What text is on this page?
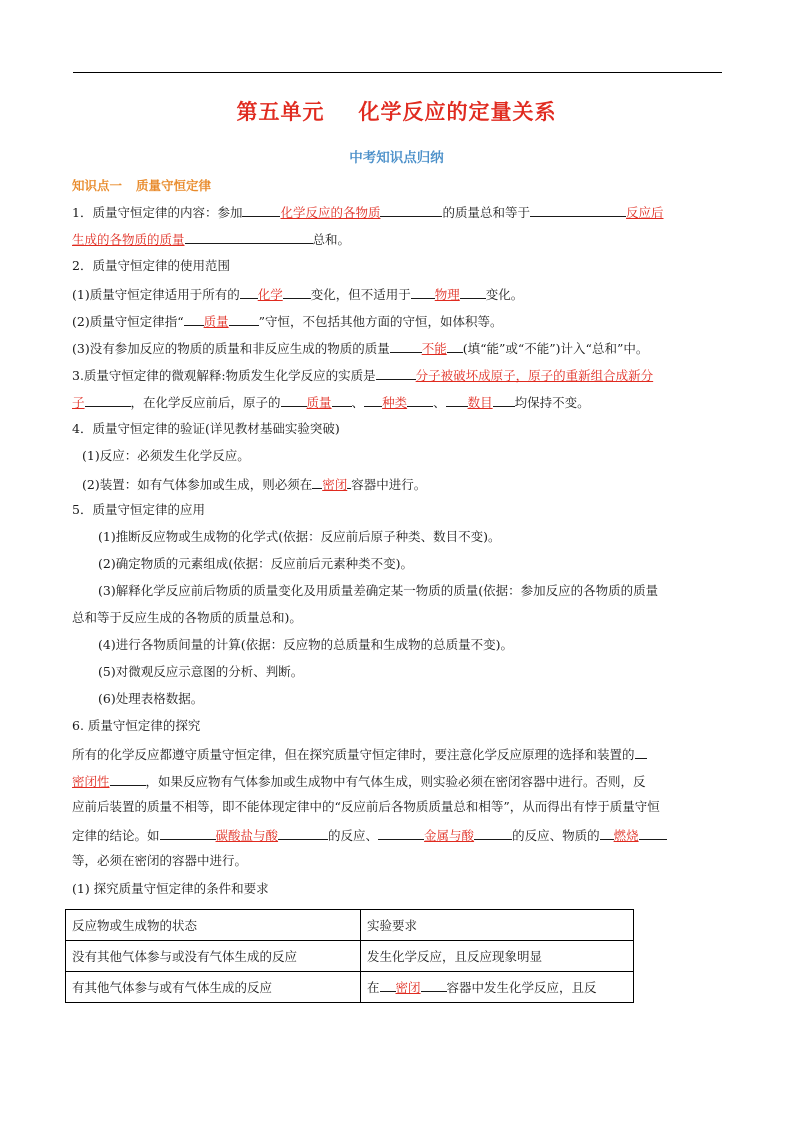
第五单元 化学反应的定量关系
中考知识点归纳
知识点一 质量守恒定律
1．质量守恒定律的内容：参加	化学反应的各物质	的质量总和等于	反应后
生成的各物质的质量	总和。
2．质量守恒定律的使用范围
(1)质量守恒定律适用于所有的 化学 变化，但不适用于 物理 变化。
(2)质量守恒定律指“ 质量 ”守恒，不包括其他方面的守恒，如体积等。
(3)没有参加反应的物质的质量和非反应生成的物质的质量	不能 (填“能”或“不能”)计入“总和”中。
3.质量守恒定律的微观解释:物质发生化学反应的实质是	分子被破坏成原子，原子的重新组合成新分
子	，在化学反应前后，原子的 质量 、 种类 、 数目 均保持不变。
4．质量守恒定律的验证(详见教材基础实验突破)
(1)反应：必须发生化学反应。
(2)装置：如有气体参加或生成，则必须在 密闭 容器中进行。
5．质量守恒定律的应用
(1)推断反应物或生成物的化学式(依据：反应前后原子种类、数目不变)。
(2)确定物质的元素组成(依据：反应前后元素种类不变)。
(3)解释化学反应前后物质的质量变化及用质量差确定某一物质的质量(依据：参加反应的各物质的质量
总和等于反应生成的各物质的质量总和)。
(4)进行各物质间量的计算(依据：反应物的总质量和生成物的总质量不变)。
(5)对微观反应示意图的分析、判断。
(6)处理表格数据。
6. 质量守恒定律的探究
所有的化学反应都遵守质量守恒定律，但在探究质量守恒定律时，要注意化学反应原理的选择和装置的
密闭性	，如果反应物有气体参加或生成物中有气体生成，则实验必须在密闭容器中进行。否则，反
应前后装置的质量不相等，即不能体现定律中的“反应前后各物质质量总和相等”，从而得出有悖于质量守恒
定律的结论。如	碳酸盐与酸	的反应、	金属与酸	的反应、物质的 燃烧
等，必须在密闭的容器中进行。
(1) 探究质量守恒定律的条件和要求
反应物或生成物的状态	实验要求
没有其他气体参与或没有气体生成的反应	发生化学反应，且反应现象明显
有其他气体参与或有气体生成的反应	在 密闭 容器中发生化学反应，且反
